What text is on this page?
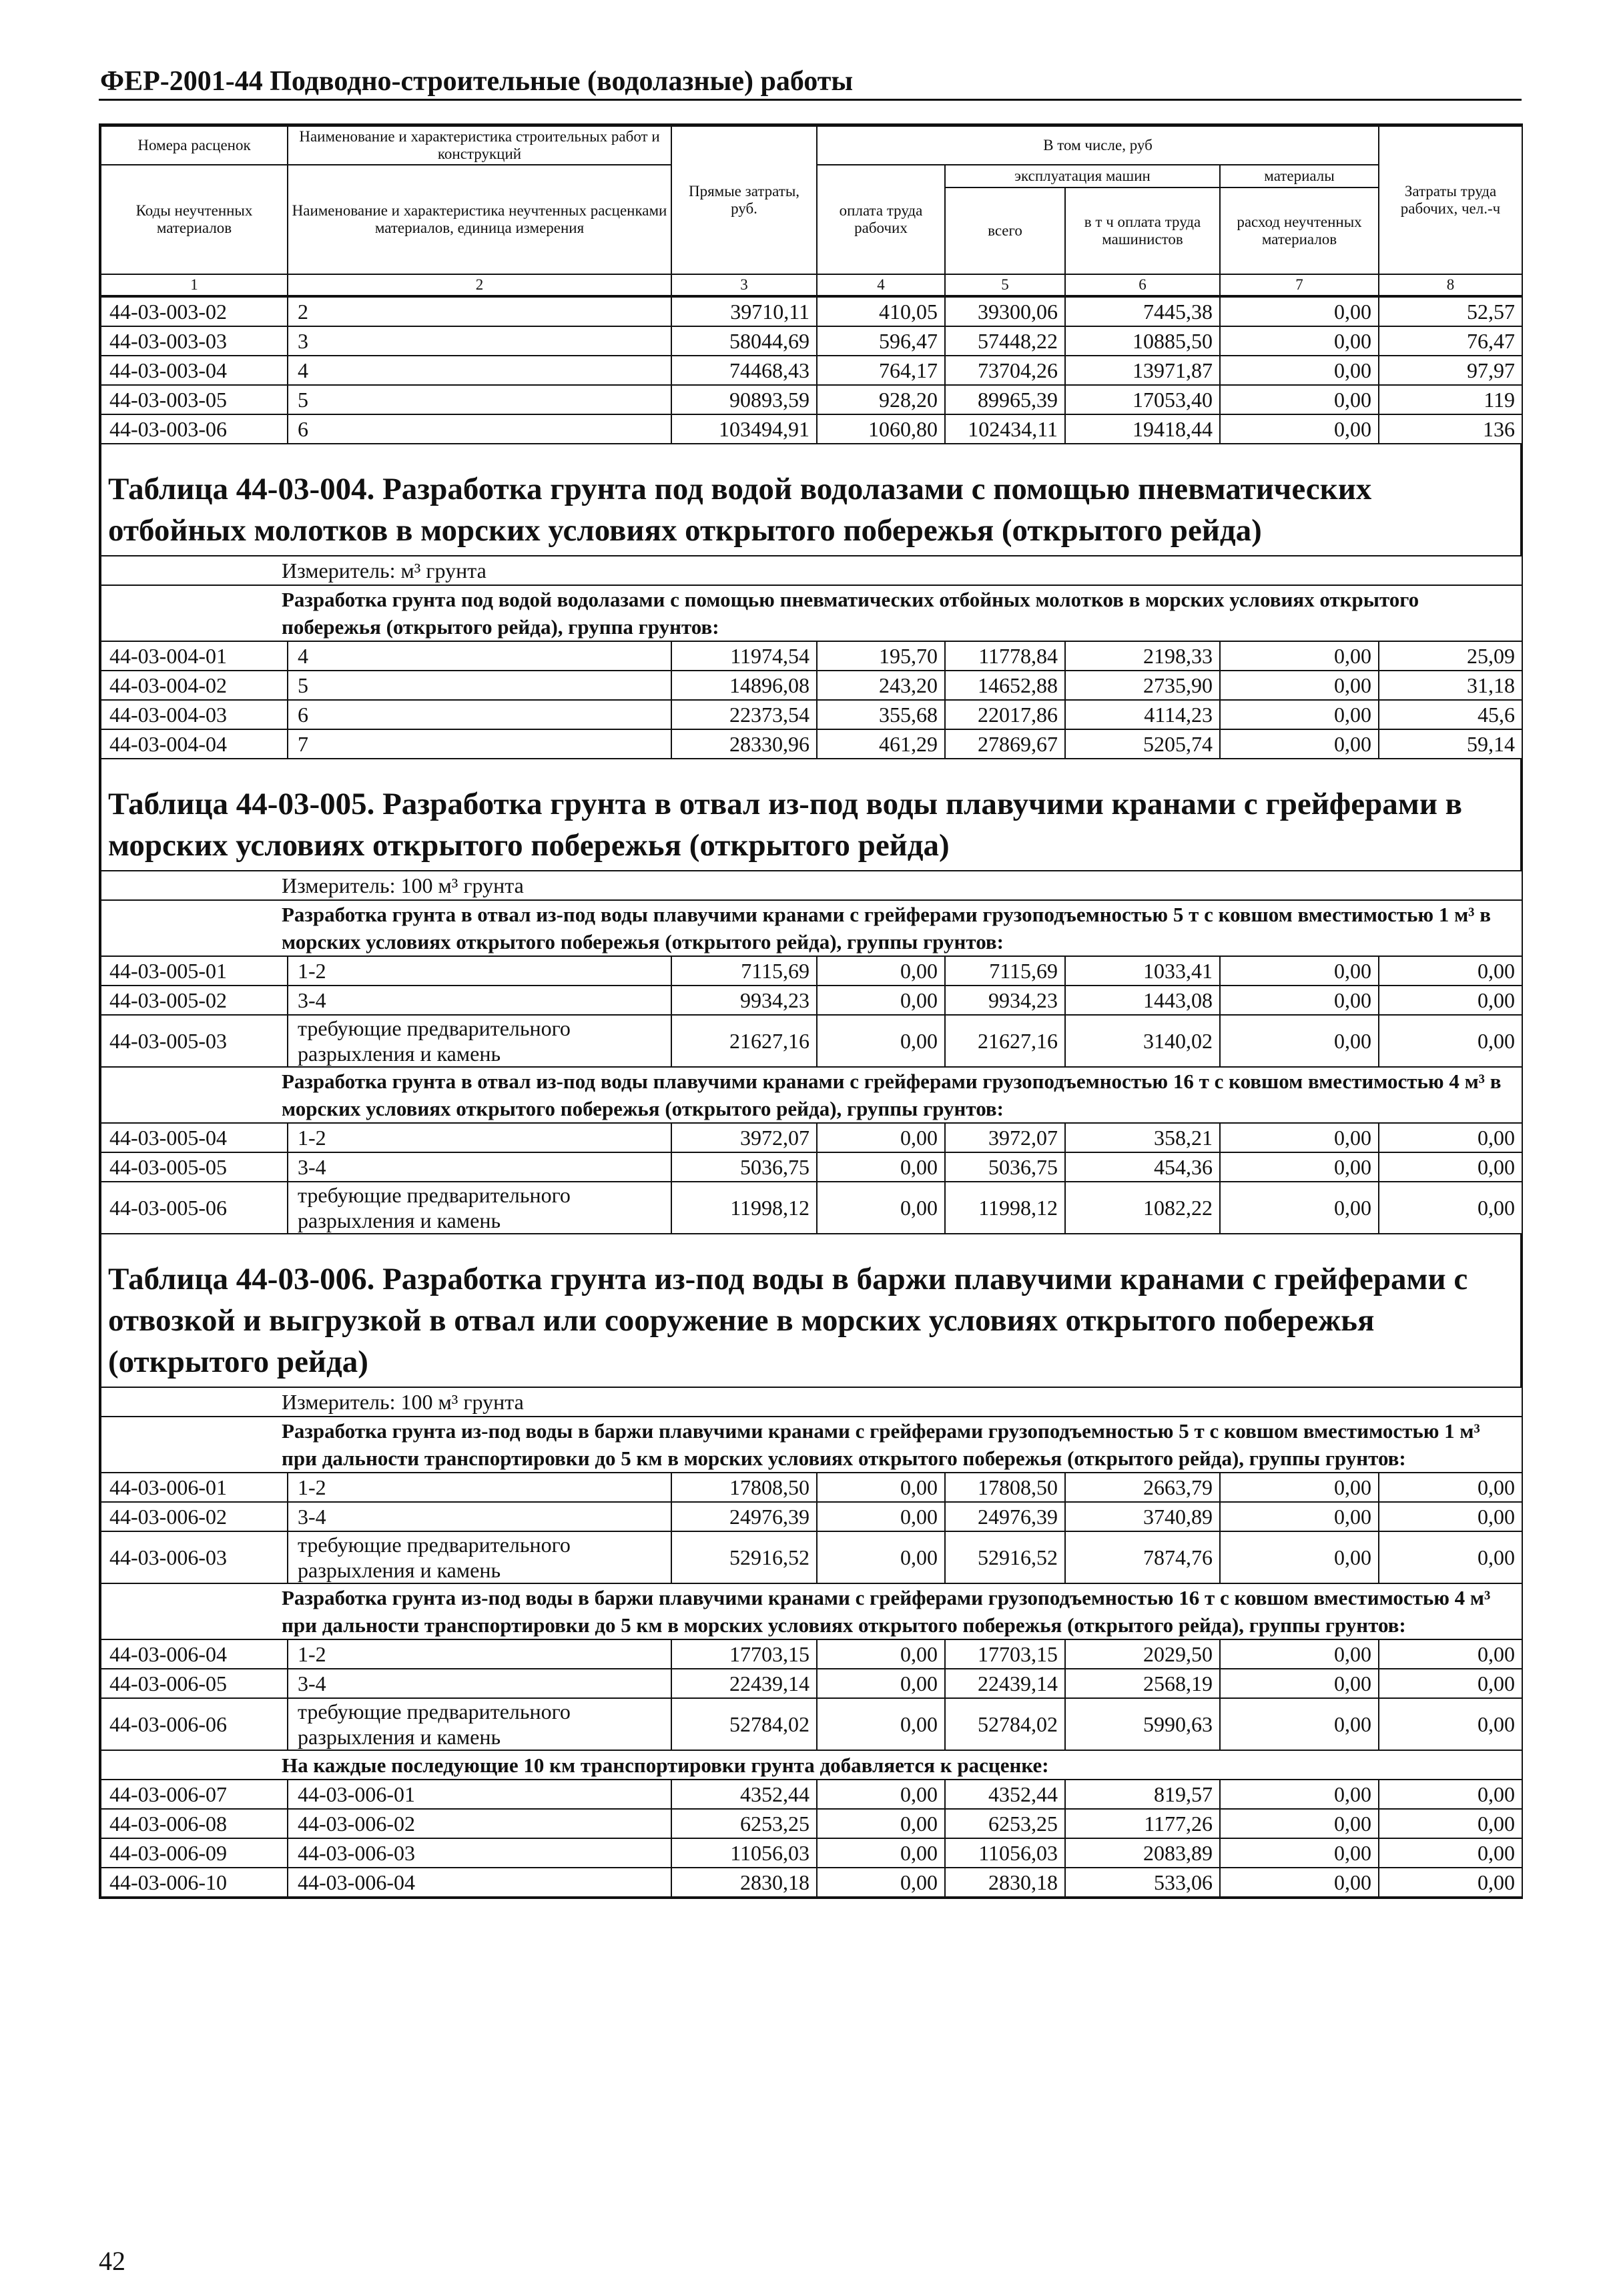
ФЕР-2001-44 Подводно-строительные (водолазные) работы
Номера расценок	Наименование и характеристика строительных работ и конструкций	Прямые затраты, руб.	В том числе, руб				Затраты труда рабочих, чел.-ч
Коды неучтенных материалов	Наименование и характеристика неучтенных расценками материалов, единица измерения		оплата труда рабочих	эксплуатация машин		материалы	
				всего	в т ч оплата труда машинистов	расход неучтенных материалов	
1	2	3	4	5	6	7	8
44-03-003-02	2	39710,11	410,05	39300,06	7445,38	0,00	52,57
44-03-003-03	3	58044,69	596,47	57448,22	10885,50	0,00	76,47
44-03-003-04	4	74468,43	764,17	73704,26	13971,87	0,00	97,97
44-03-003-05	5	90893,59	928,20	89965,39	17053,40	0,00	119
44-03-003-06	6	103494,91	1060,80	102434,11	19418,44	0,00	136
Таблица 44-03-004. Разработка грунта под водой водолазами с помощью пневматических отбойных молотков в морских условиях открытого побережья (открытого рейда)
Измеритель: м³ грунта							
Разработка грунта под водой водолазами с помощью пневматических отбойных молотков в морских условиях открытого побережья (открытого рейда), группа грунтов:							
44-03-004-01	4	11974,54	195,70	11778,84	2198,33	0,00	25,09
44-03-004-02	5	14896,08	243,20	14652,88	2735,90	0,00	31,18
44-03-004-03	6	22373,54	355,68	22017,86	4114,23	0,00	45,6
44-03-004-04	7	28330,96	461,29	27869,67	5205,74	0,00	59,14
Таблица 44-03-005. Разработка грунта в отвал из-под воды плавучими кранами с грейферами в морских условиях открытого побережья (открытого рейда)
Измеритель: 100 м³ грунта							
Разработка грунта в отвал из-под воды плавучими кранами с грейферами грузоподъемностью 5 т с ковшом вместимостью 1 м³ в морских условиях открытого побережья (открытого рейда), группы грунтов:							
44-03-005-01	1-2	7115,69	0,00	7115,69	1033,41	0,00	0,00
44-03-005-02	3-4	9934,23	0,00	9934,23	1443,08	0,00	0,00
44-03-005-03	требующие предварительного разрыхления и камень	21627,16	0,00	21627,16	3140,02	0,00	0,00
Разработка грунта в отвал из-под воды плавучими кранами с грейферами грузоподъемностью 16 т с ковшом вместимостью 4 м³ в морских условиях открытого побережья (открытого рейда), группы грунтов:							
44-03-005-04	1-2	3972,07	0,00	3972,07	358,21	0,00	0,00
44-03-005-05	3-4	5036,75	0,00	5036,75	454,36	0,00	0,00
44-03-005-06	требующие предварительного разрыхления и камень	11998,12	0,00	11998,12	1082,22	0,00	0,00
Таблица 44-03-006. Разработка грунта из-под воды в баржи плавучими кранами с грейферами с отвозкой и выгрузкой в отвал или сооружение в морских условиях открытого побережья (открытого рейда)
Измеритель: 100 м³ грунта							
Разработка грунта из-под воды в баржи плавучими кранами с грейферами грузоподъемностью 5 т с ковшом вместимостью 1 м³ при дальности транспортировки до 5 км в морских условиях открытого побережья (открытого рейда), группы грунтов:							
44-03-006-01	1-2	17808,50	0,00	17808,50	2663,79	0,00	0,00
44-03-006-02	3-4	24976,39	0,00	24976,39	3740,89	0,00	0,00
44-03-006-03	требующие предварительного разрыхления и камень	52916,52	0,00	52916,52	7874,76	0,00	0,00
Разработка грунта из-под воды в баржи плавучими кранами с грейферами грузоподъемностью 16 т с ковшом вместимостью 4 м³ при дальности транспортировки до 5 км в морских условиях открытого побережья (открытого рейда), группы грунтов:							
44-03-006-04	1-2	17703,15	0,00	17703,15	2029,50	0,00	0,00
44-03-006-05	3-4	22439,14	0,00	22439,14	2568,19	0,00	0,00
44-03-006-06	требующие предварительного разрыхления и камень	52784,02	0,00	52784,02	5990,63	0,00	0,00
На каждые последующие 10 км транспортировки грунта добавляется к расценке:							
44-03-006-07	44-03-006-01	4352,44	0,00	4352,44	819,57	0,00	0,00
44-03-006-08	44-03-006-02	6253,25	0,00	6253,25	1177,26	0,00	0,00
44-03-006-09	44-03-006-03	11056,03	0,00	11056,03	2083,89	0,00	0,00
44-03-006-10	44-03-006-04	2830,18	0,00	2830,18	533,06	0,00	0,00
42
